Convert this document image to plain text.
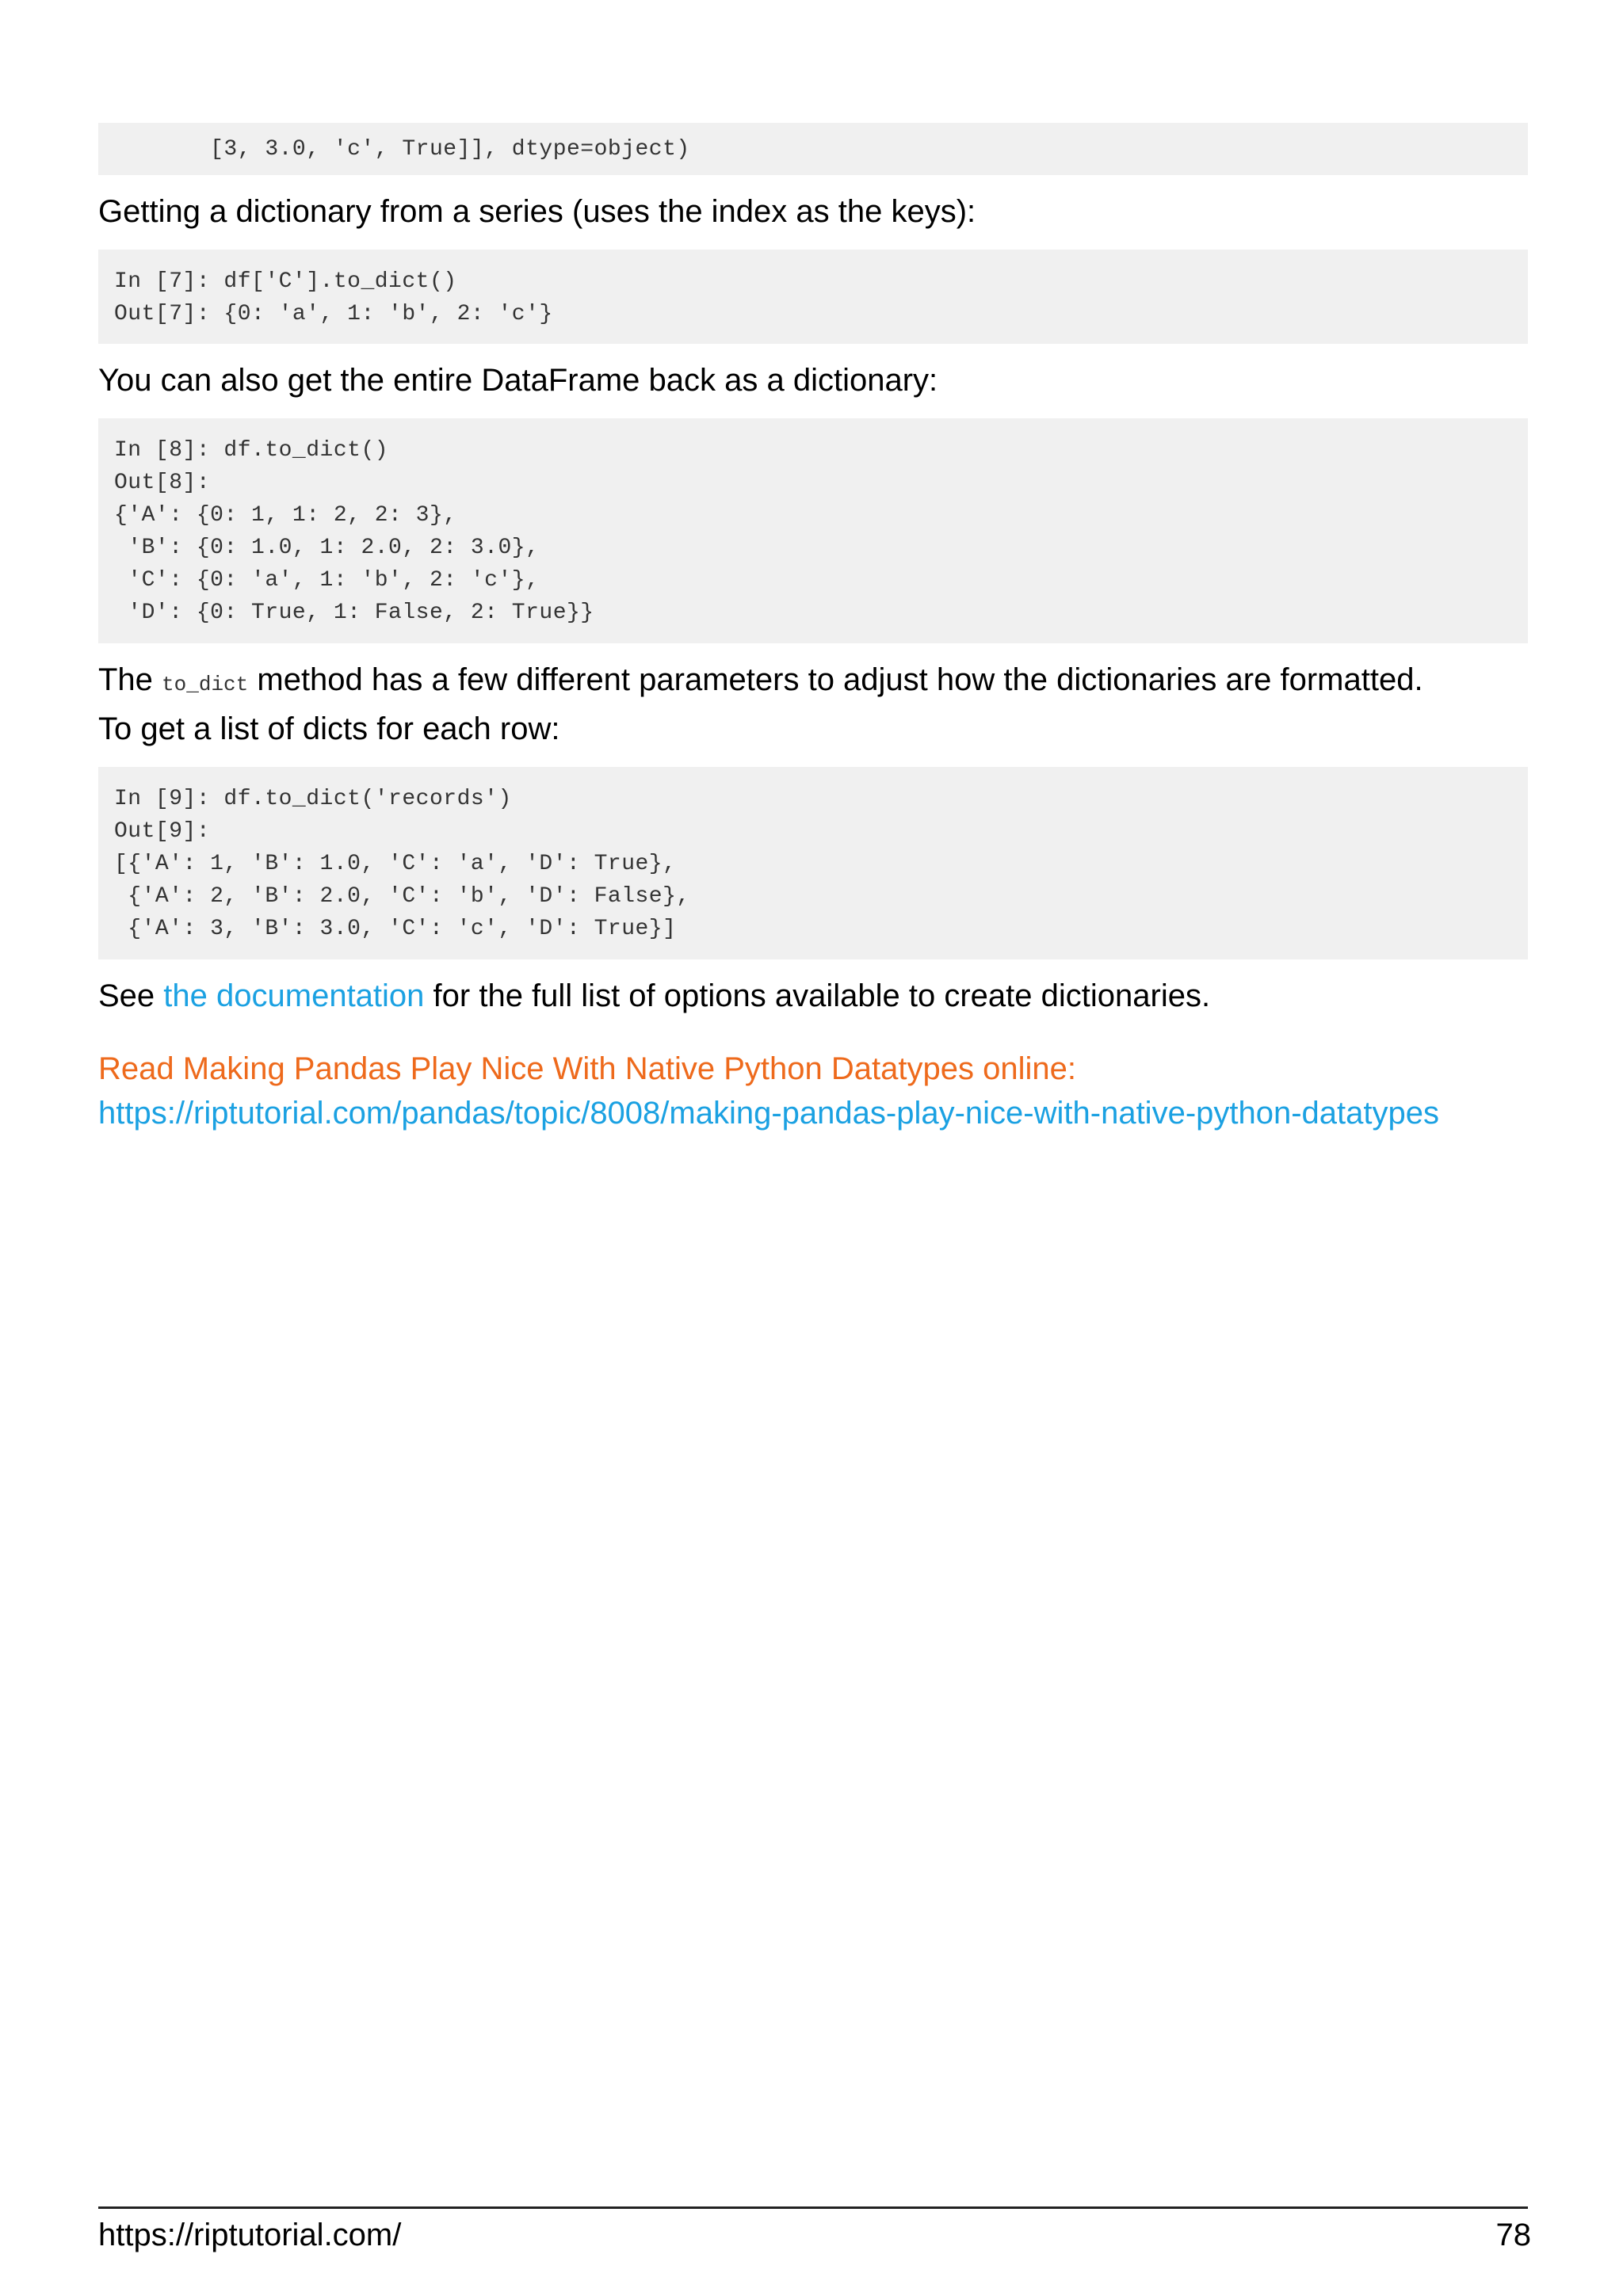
[3, 3.0, 'c', True]], dtype=object)

Getting a dictionary from a series (uses the index as the keys):

In [7]: df['C'].to_dict()
Out[7]: {0: 'a', 1: 'b', 2: 'c'}

You can also get the entire DataFrame back as a dictionary:

In [8]: df.to_dict()
Out[8]:
{'A': {0: 1, 1: 2, 2: 3},
'B': {0: 1.0, 1: 2.0, 2: 3.0},
'C': {0: 'a', 1: 'b', 2: 'c'},
'D': {0: True, 1: False, 2: True}}

The to_dict method has a few different parameters to adjust how the dictionaries are formatted.
To get a list of dicts for each row:

In [9]: df.to_dict('records')
Out[9]:
[{'A': 1, 'B': 1.0, 'C': 'a', 'D': True},
{'A': 2, 'B': 2.0, 'C': 'b', 'D': False},
{'A': 3, 'B': 3.0, 'C': 'c', 'D': True}]

See the documentation for the full list of options available to create dictionaries.

Read Making Pandas Play Nice With Native Python Datatypes online:
https://riptutorial.com/pandas/topic/8008/making-pandas-play-nice-with-native-python-datatypes

https://riptutorial.com/	78
